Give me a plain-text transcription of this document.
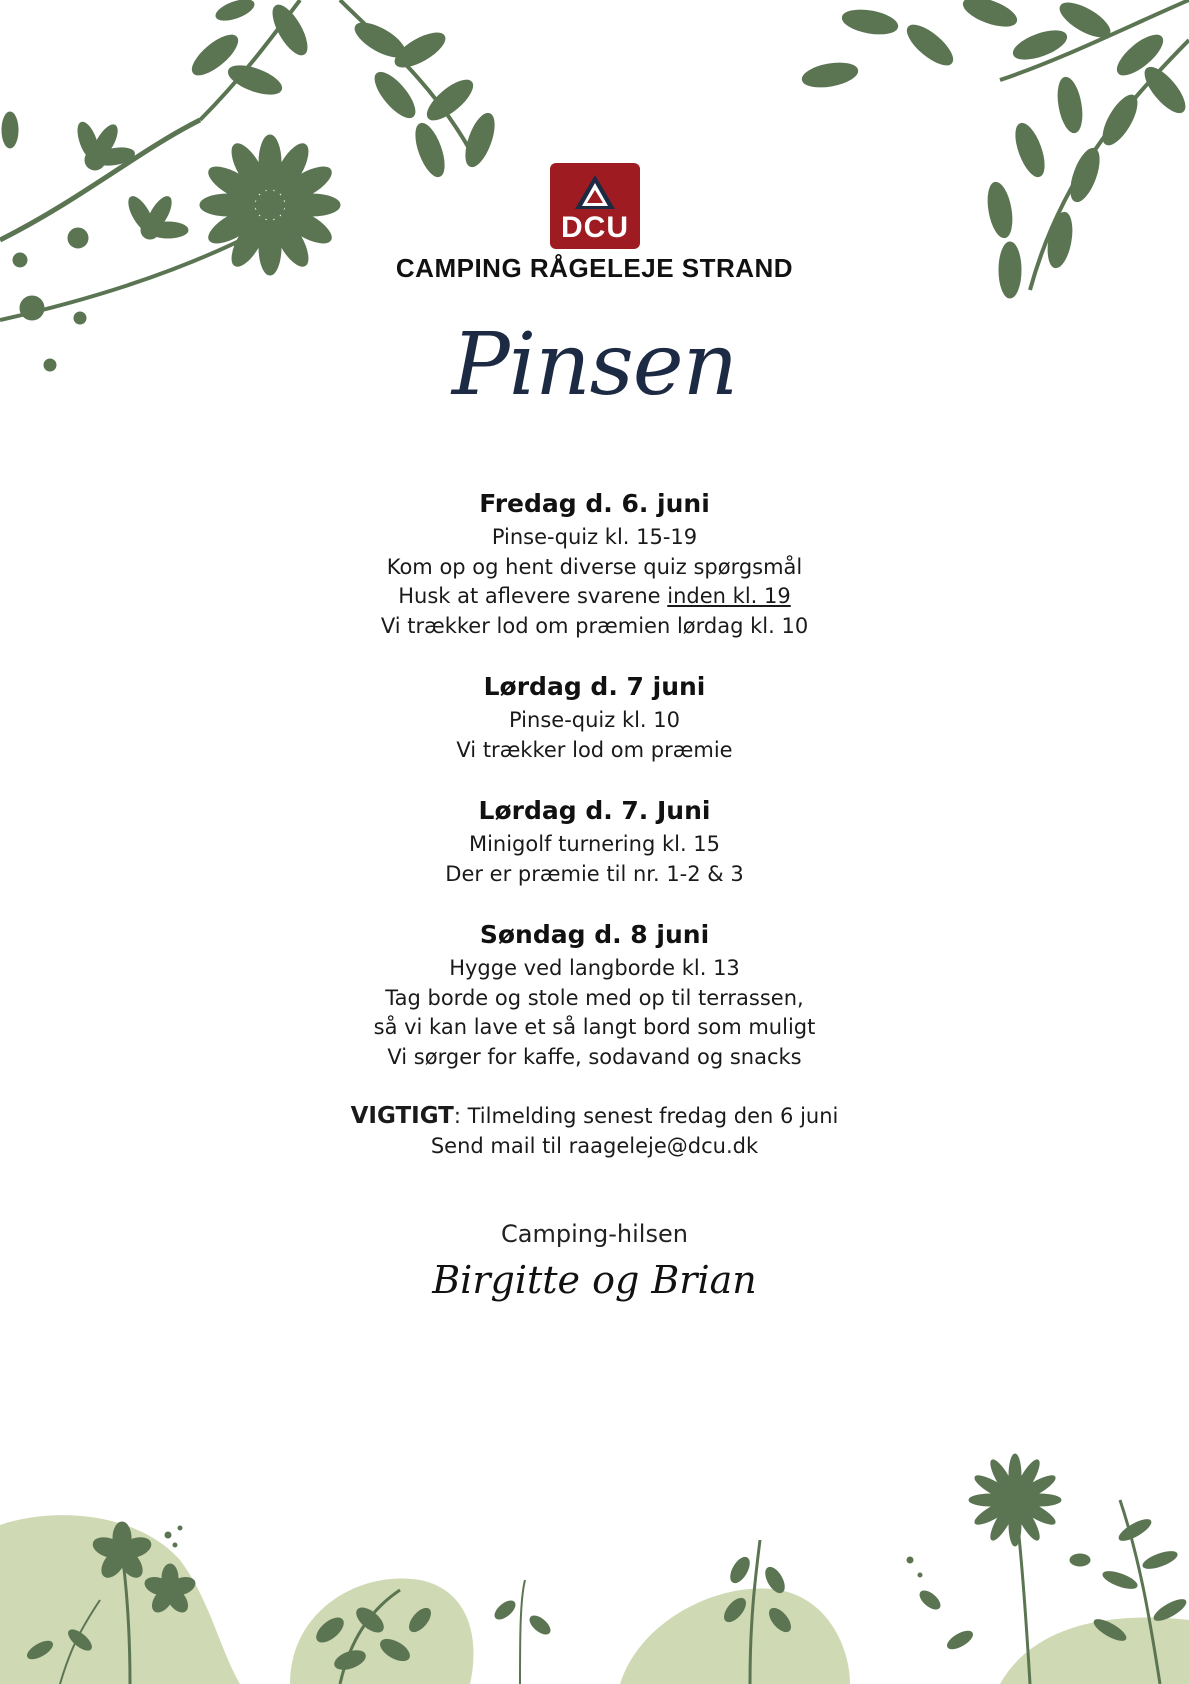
DCU
CAMPING RÅGELEJE STRAND
Pinsen
Fredag d. 6. juni

Pinse-quiz kl. 15-19

Kom op og hent diverse quiz spørgsmål

Husk at aflevere svarene inden kl. 19

Vi trækker lod om præmien lørdag kl. 10

Lørdag d. 7 juni

Pinse-quiz kl. 10

Vi trækker lod om præmie

Lørdag d. 7. Juni

Minigolf turnering kl. 15

Der er præmie til nr. 1-2 & 3

Søndag d. 8 juni

Hygge ved langborde kl. 13

Tag borde og stole med op til terrassen,

så vi kan lave et så langt bord som muligt

Vi sørger for kaffe, sodavand og snacks

VIGTIGT: Tilmelding senest fredag den 6 juni

Send mail til raageleje@dcu.dk

Camping-hilsen
Birgitte og Brian
